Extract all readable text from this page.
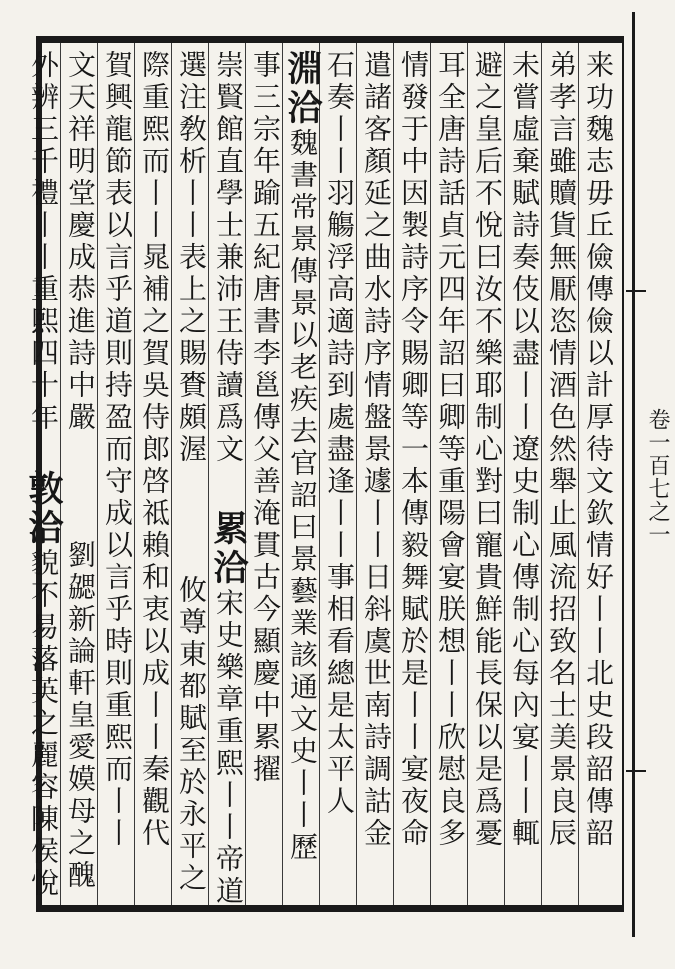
卷一百七之一
来功魏志毋丘儉傳儉以計厚待文欽情好丨丨北史段韶傳韶
弟孝言雖贖貨無厭恣情酒色然舉止風流招致名士美景良辰
未嘗虛棄賦詩奏伎以盡丨丨遼史制心傳制心每內宴丨丨輒
避之皇后不悅曰汝不樂耶制心對曰寵貴鮮能長保以是爲憂
耳全唐詩話貞元四年詔曰卿等重陽會宴朕想丨丨欣慰良多
情發于中因製詩序令賜卿等一本傳毅舞賦於是丨丨宴夜命
遣諸客顏延之曲水詩序情盤景遽丨丨日斜虞世南詩調詁金
石奏丨丨羽觴浮高適詩到處盡逢丨丨事相看總是太平人
淵洽魏書常景傳景以老疾去官詔曰景藝業該通文史丨丨歷
事三宗年踰五紀唐書李邕傳父善淹貫古今顯慶中累擢
崇賢館直學士兼沛王侍讀爲文
累洽宋史樂章重熙丨丨帝道
選注敎析丨丨表上之賜賚頗渥
攸尊東都賦至於永平之
際重熙而丨丨晁補之賀吳侍郎啓祗賴和衷以成丨丨秦觀代
賀興龍節表以言乎道則持盈而守成以言乎時則重熙而丨丨
文天祥明堂慶成恭進詩中嚴
劉勰新論軒皇愛嫫母之醜
外辨三千禮丨丨重熙四十年
敦洽貌不易落英之麗容陳侯悅
